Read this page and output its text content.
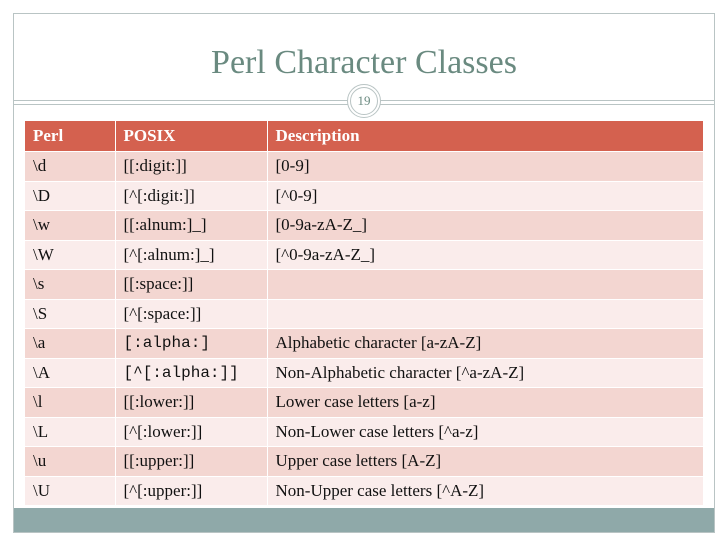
Perl Character Classes
19
Perl	POSIX	Description
\d	[[:digit:]]	[0-9]
\D	[^[:digit:]]	[^0-9]
\w	[[:alnum:]_]	[0-9a-zA-Z_]
\W	[^[:alnum:]_]	[^0-9a-zA-Z_]
\s	[[:space:]]	
\S	[^[:space:]]	
\a	[:alpha:]	Alphabetic character [a-zA-Z]
\A	[^[:alpha:]]	Non-Alphabetic character [^a-zA-Z]
\l	[[:lower:]]	Lower case letters [a-z]
\L	[^[:lower:]]	Non-Lower case letters [^a-z]
\u	[[:upper:]]	Upper case letters [A-Z]
\U	[^[:upper:]]	Non-Upper case letters [^A-Z]
